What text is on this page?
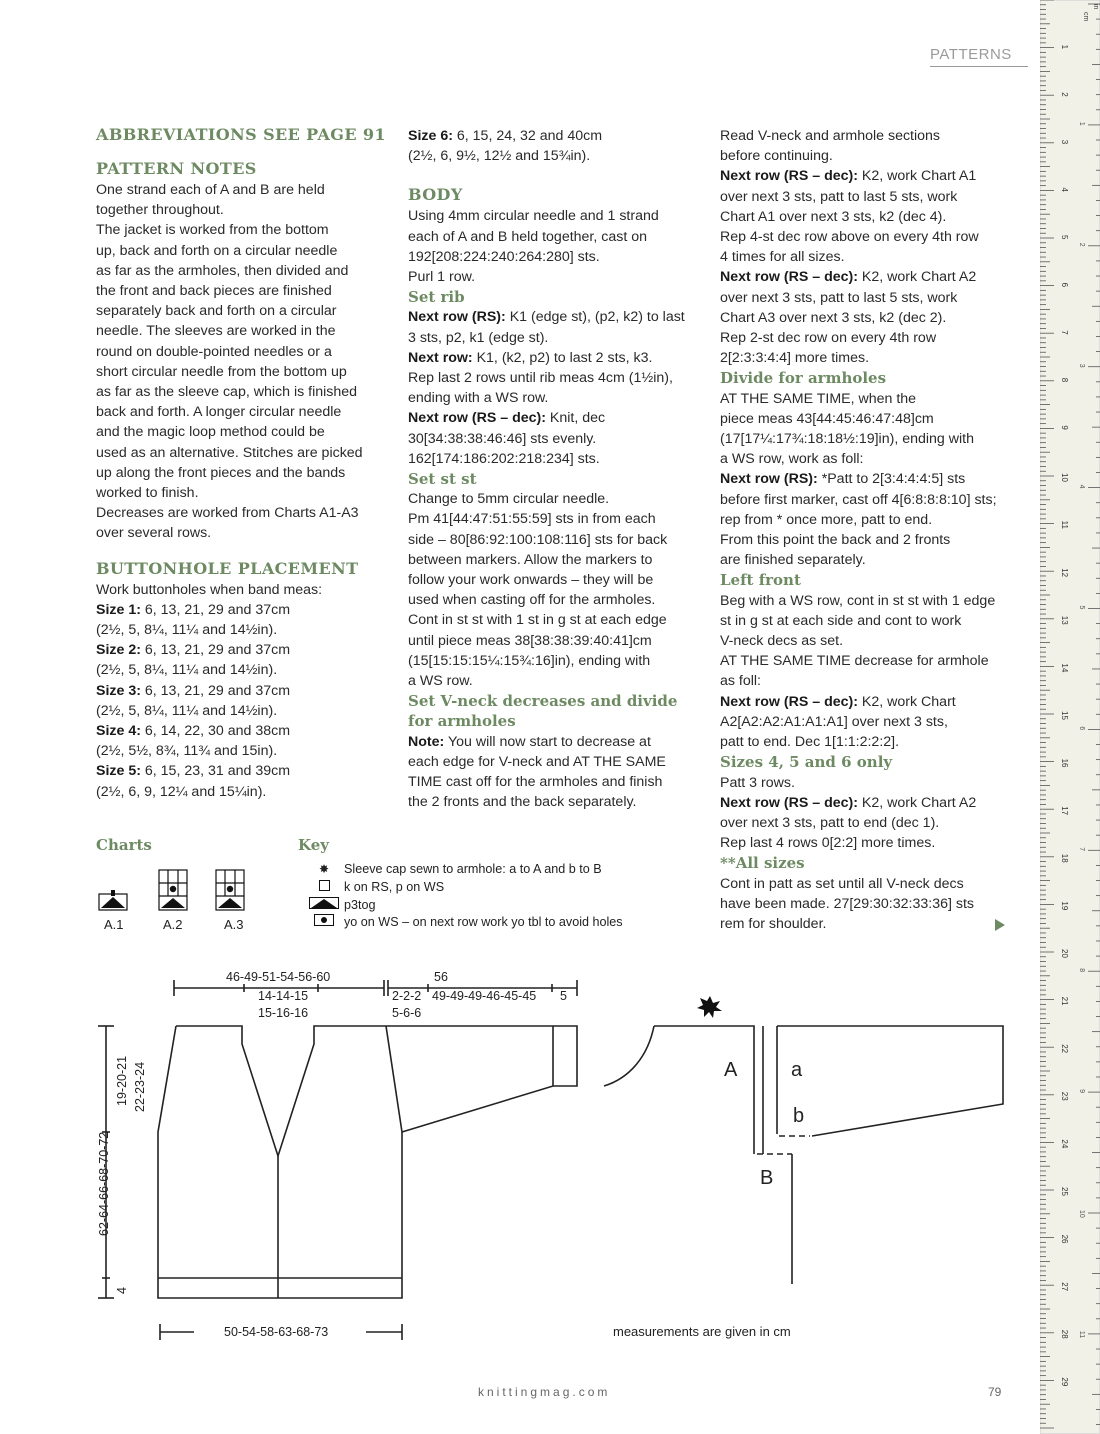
PATTERNS

ABBREVIATIONS SEE PAGE 91

PATTERN NOTES

One strand each of A and B are held

together throughout.

The jacket is worked from the bottom

up, back and forth on a circular needle

as far as the armholes, then divided and

the front and back pieces are finished

separately back and forth on a circular

needle. The sleeves are worked in the

round on double-pointed needles or a

short circular needle from the bottom up

as far as the sleeve cap, which is finished

back and forth. A longer circular needle

and the magic loop method could be

used as an alternative. Stitches are picked

up along the front pieces and the bands

worked to finish.

Decreases are worked from Charts A1-A3

over several rows.

BUTTONHOLE PLACEMENT

Work buttonholes when band meas:

Size 1: 6, 13, 21, 29 and 37cm

(2½, 5, 8¼, 11¼ and 14½in).

Size 2: 6, 13, 21, 29 and 37cm

(2½, 5, 8¼, 11¼ and 14½in).

Size 3: 6, 13, 21, 29 and 37cm

(2½, 5, 8¼, 11¼ and 14½in).

Size 4: 6, 14, 22, 30 and 38cm

(2½, 5½, 8¾, 11¾ and 15in).

Size 5: 6, 15, 23, 31 and 39cm

(2½, 6, 9, 12¼ and 15¼in).

Size 6: 6, 15, 24, 32 and 40cm

(2½, 6, 9½, 12½ and 15¾in).

BODY

Using 4mm circular needle and 1 strand

each of A and B held together, cast on

192[208:224:240:264:280] sts.

Purl 1 row.

Set rib

Next row (RS): K1 (edge st), (p2, k2) to last

3 sts, p2, k1 (edge st).

Next row: K1, (k2, p2) to last 2 sts, k3.

Rep last 2 rows until rib meas 4cm (1½in),

ending with a WS row.

Next row (RS – dec): Knit, dec

30[34:38:38:46:46] sts evenly.

162[174:186:202:218:234] sts.

Set st st

Change to 5mm circular needle.

Pm 41[44:47:51:55:59] sts in from each

side – 80[86:92:100:108:116] sts for back

between markers. Allow the markers to

follow your work onwards – they will be

used when casting off for the armholes.

Cont in st st with 1 st in g st at each edge

until piece meas 38[38:38:39:40:41]cm

(15[15:15:15¼:15¾:16]in), ending with

a WS row.

Set V-neck decreases and divide

for armholes

Note: You will now start to decrease at

each edge for V-neck and AT THE SAME

TIME cast off for the armholes and finish

the 2 fronts and the back separately.

Read V-neck and armhole sections

before continuing.

Next row (RS – dec): K2, work Chart A1

over next 3 sts, patt to last 5 sts, work

Chart A1 over next 3 sts, k2 (dec 4).

Rep 4-st dec row above on every 4th row

4 times for all sizes.

Next row (RS – dec): K2, work Chart A2

over next 3 sts, patt to last 5 sts, work

Chart A3 over next 3 sts, k2 (dec 2).

Rep 2-st dec row on every 4th row

2[2:3:3:4:4] more times.

Divide for armholes

AT THE SAME TIME, when the

piece meas 43[44:45:46:47:48]cm

(17[17¼:17¾:18:18½:19]in), ending with

a WS row, work as foll:

Next row (RS): *Patt to 2[3:4:4:4:5] sts

before first marker, cast off 4[6:8:8:8:10] sts;

rep from * once more, patt to end.

From this point the back and 2 fronts

are finished separately.

Left front

Beg with a WS row, cont in st st with 1 edge

st in g st at each side and cont to work

V-neck decs as set.

AT THE SAME TIME decrease for armhole

as foll:

Next row (RS – dec): K2, work Chart

A2[A2:A2:A1:A1:A1] over next 3 sts,

patt to end. Dec 1[1:1:2:2:2].

Sizes 4, 5 and 6 only

Patt 3 rows.

Next row (RS – dec): K2, work Chart A2

over next 3 sts, patt to end (dec 1).

Rep last 4 rows 0[2:2] more times.

**All sizes

Cont in patt as set until all V-neck decs

have been made. 27[29:30:32:33:36] sts

rem for shoulder.

Charts
A.1	A.2	A.3
Key
✸	Sleeve cap sewn to armhole: a to A and b to B
k on RS, p on WS
p3tog
yo on WS – on next row work yo tbl to avoid holes
46-49-51-54-56-60
14-14-15
15-16-16
56
2-2-2
5-6-6
49-49-49-46-45-45 5
19-20-21 22-23-24
62-64-66-68-70-72
4
50-54-58-63-68-73
A	a
b
B
measurements are given in cm
knittingmag.com	79
cm
in
1
2
3
4
5
6
7
8
9
10
11
12
13
14
15
16
17
18
19
20
21
22
23
24
25
26
27
28
29
1
2
3
4
5
6
7
8
9
10
11
